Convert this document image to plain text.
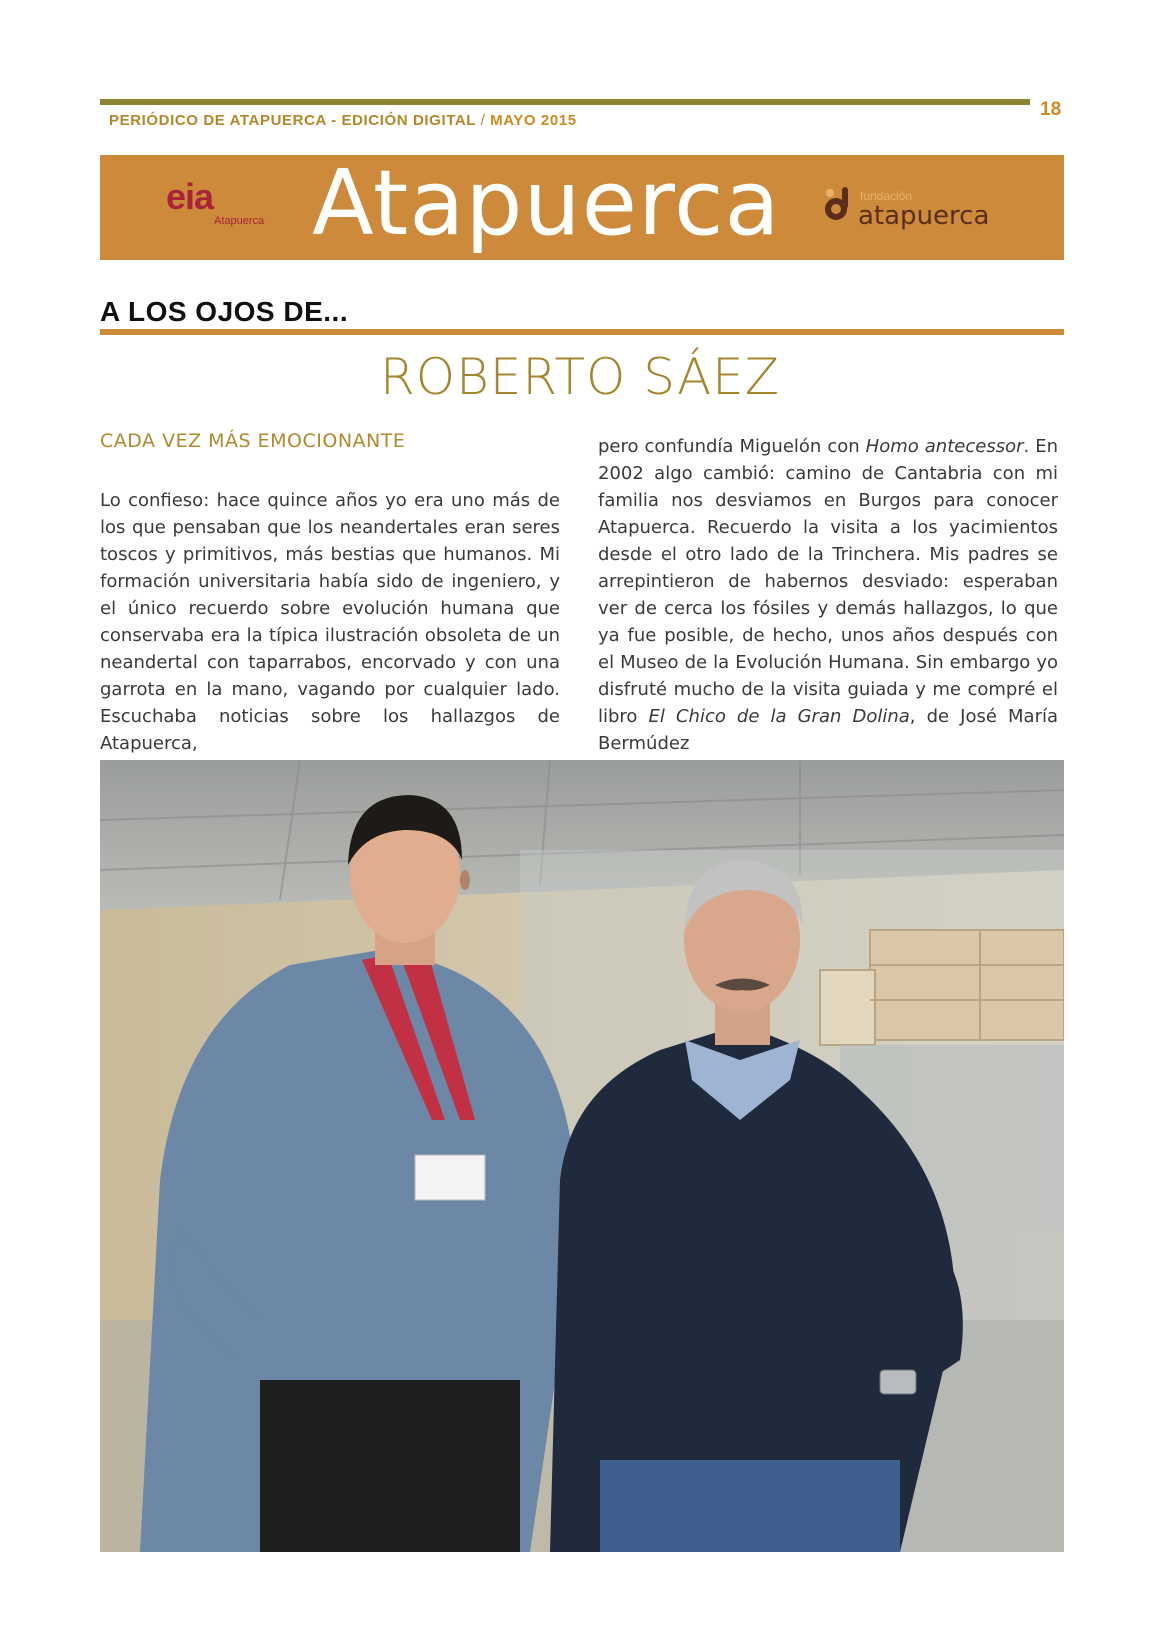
PERIÓDICO DE ATAPUERCA - EDICIÓN DIGITAL / MAYO 2015
18
eia
Atapuerca Atapuerca	fundación
atapuerca
A LOS OJOS DE...
ROBERTO SÁEZ
CADA VEZ MÁS EMOCIONANTE

Lo confieso: hace quince años yo era uno más de los que pensaban que los neandertales eran seres toscos y primitivos, más bestias que humanos. Mi formación universitaria había sido de ingeniero, y el único recuerdo sobre evolución humana que conservaba era la típica ilustración obsoleta de un neandertal con taparrabos, encorvado y con una garrota en la mano, vagando por cualquier lado. Escuchaba noticias sobre los hallazgos de Atapuerca,

pero confundía Miguelón con Homo antecessor. En 2002 algo cambió: camino de Cantabria con mi familia nos desviamos en Burgos para conocer Atapuerca. Recuerdo la visita a los yacimientos desde el otro lado de la Trinchera. Mis padres se arrepintieron de habernos desviado: esperaban ver de cerca los fósiles y demás hallazgos, lo que ya fue posible, de hecho, unos años después con el Museo de la Evolución Humana. Sin embargo yo disfruté mucho de la visita guiada y me compré el libro El Chico de la Gran Dolina, de José María Bermúdez
